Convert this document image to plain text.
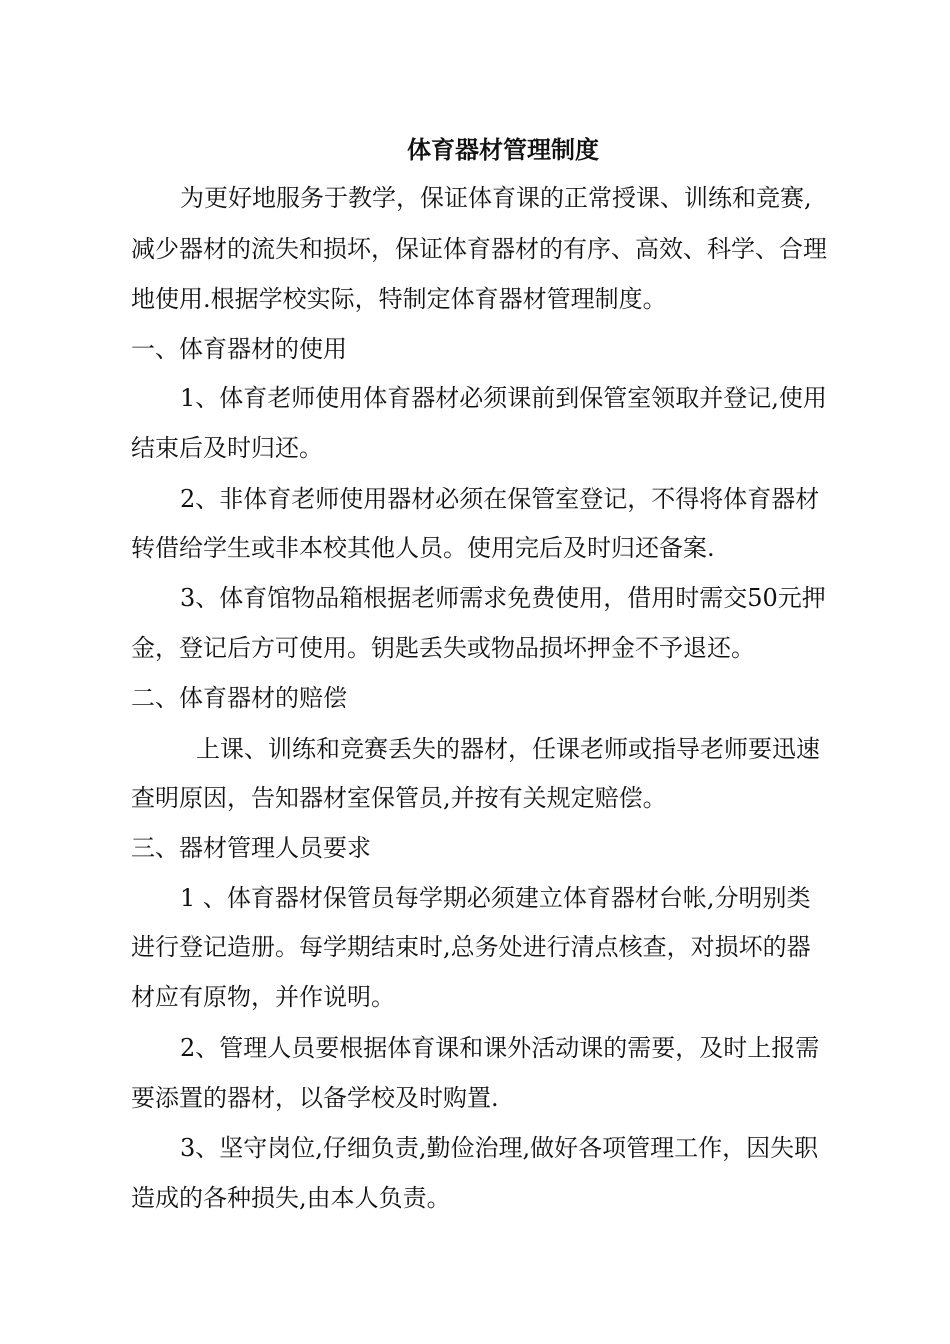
体育器材管理制度
为更好地服务于教学，保证体育课的正常授课、训练和竞赛,
减少器材的流失和损坏，保证体育器材的有序、高效、科学、合理
地使用.根据学校实际，特制定体育器材管理制度。
一、体育器材的使用
1、体育老师使用体育器材必须课前到保管室领取并登记,使用
结束后及时归还。
2、非体育老师使用器材必须在保管室登记，不得将体育器材
转借给学生或非本校其他人员。使用完后及时归还备案.
3、体育馆物品箱根据老师需求免费使用，借用时需交50元押
金，登记后方可使用。钥匙丢失或物品损坏押金不予退还。
二、体育器材的赔偿
上课、训练和竞赛丢失的器材，任课老师或指导老师要迅速
查明原因，告知器材室保管员,并按有关规定赔偿。
三、器材管理人员要求
1 、体育器材保管员每学期必须建立体育器材台帐,分明别类
进行登记造册。每学期结束时,总务处进行清点核查，对损坏的器
材应有原物，并作说明。
2、管理人员要根据体育课和课外活动课的需要，及时上报需
要添置的器材，以备学校及时购置.
3、坚守岗位,仔细负责,勤俭治理,做好各项管理工作，因失职
造成的各种损失,由本人负责。
